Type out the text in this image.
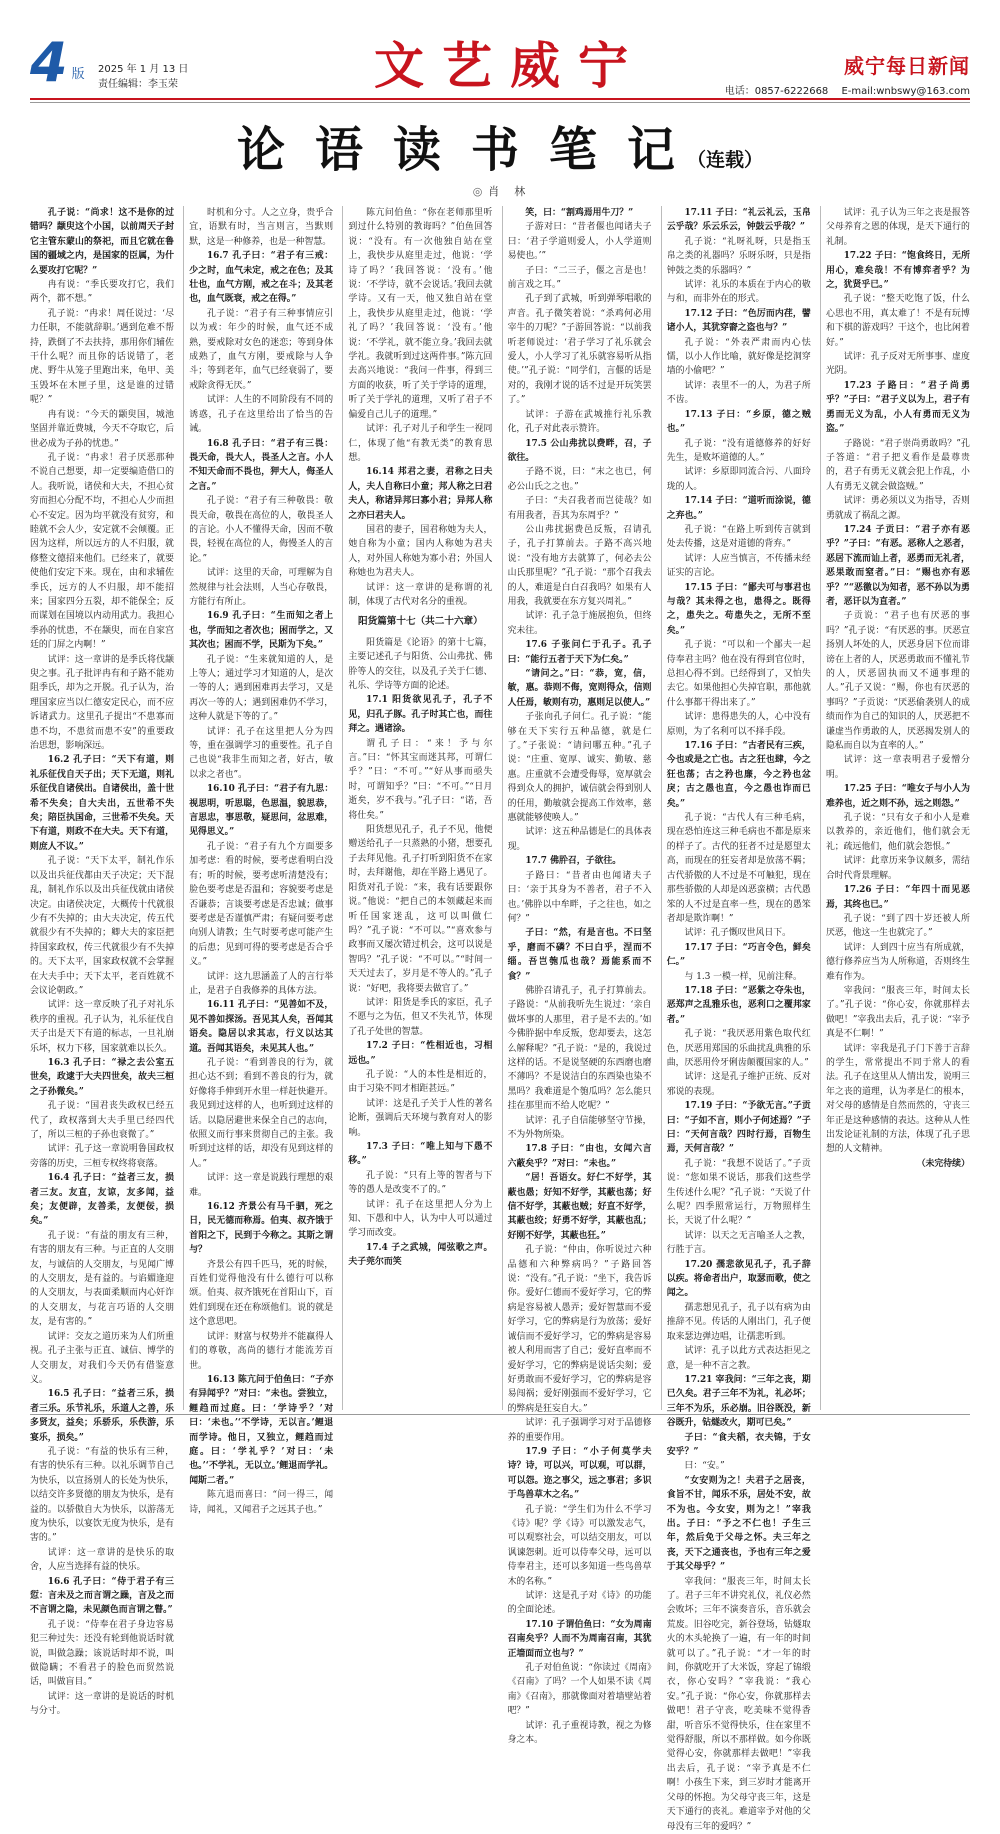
4 版 2025 年 1 月 13 日
责任编辑：李玉荣	文艺威宁	威宁每日新闻
电话：0857-6222668 E-mail:wnbswy@163.com
论语读书笔记（连载）
◎ 肖　林

孔子说：“尚求！这不是你的过错吗？颛臾这个小国，以前周天子封它主管东蒙山的祭祀，而且它就在鲁国的疆域之内，是国家的臣属，为什么要攻打它呢？”

冉有说：“季氏要攻打它，我们两个，都不想。”

孔子说：“冉求！周任说过：‘尽力任职，不能就辞职。’遇到危难不帮持，跌倒了不去扶持，那用你们辅佐干什么呢？而且你的话说错了，老虎、野牛从笼子里跑出来，龟甲、美玉毁坏在木匣子里，这是谁的过错呢？”

冉有说：“今天的颛臾国，城池坚固并靠近费城，今天不夺取它，后世必成为子孙的忧患。”

孔子说：“冉求！君子厌恶那种不说自己想要，却一定要编造借口的人。我听说，诸侯和大夫，不担心贫穷而担心分配不均，不担心人少而担心不安定。因为均平就没有贫穷，和睦就不会人少，安定就不会倾覆。正因为这样，所以远方的人不归服，就修整文德招来他们。已经来了，就要使他们安定下来。现在，由和求辅佐季氏，远方的人不归服，却不能招来；国家四分五裂，却不能保全；反而谋划在国境以内动用武力。我担心季孙的忧患，不在颛臾，而在自家宫廷的门屏之内啊！”

试评：这一章讲的是季氏将伐颛臾之事。孔子批评冉有和子路不能劝阻季氏，却为之开脱。孔子认为，治理国家应当以仁德安定民心，而不应诉诸武力。这里孔子提出“不患寡而患不均，不患贫而患不安”的重要政治思想，影响深远。

16.2 孔子曰：“天下有道，则礼乐征伐自天子出；天下无道，则礼乐征伐自诸侯出。自诸侯出，盖十世希不失矣；自大夫出，五世希不失矣；陪臣执国命，三世希不失矣。天下有道，则政不在大夫。天下有道，则庶人不议。”

孔子说：“天下太平，制礼作乐以及出兵征伐都由天子决定；天下混乱，制礼作乐以及出兵征伐就由诸侯决定。由诸侯决定，大概传十代就很少有不失掉的；由大夫决定，传五代就很少有不失掉的；卿大夫的家臣把持国家政权，传三代就很少有不失掉的。天下太平，国家政权就不会掌握在大夫手中；天下太平，老百姓就不会议论朝政。”

试评：这一章反映了孔子对礼乐秩序的重视。孔子认为，礼乐征伐自天子出是天下有道的标志，一旦礼崩乐坏，权力下移，国家就难以长久。

16.3 孔子曰：“禄之去公室五世矣，政逮于大夫四世矣，故夫三桓之子孙微矣。”

孔子说：“国君丧失政权已经五代了，政权落到大夫手里已经四代了，所以三桓的子孙也衰微了。”

试评：孔子这一章说明鲁国政权旁落的历史，三桓专权终将衰落。

16.4 孔子曰：“益者三友，损者三友。友直，友谅，友多闻，益矣；友便辟，友善柔，友便佞，损矣。”

孔子说：“有益的朋友有三种，有害的朋友有三种。与正直的人交朋友，与诚信的人交朋友，与见闻广博的人交朋友，是有益的。与谄媚逢迎的人交朋友，与表面柔顺而内心奸诈的人交朋友，与花言巧语的人交朋友，是有害的。”

试评：交友之道历来为人们所重视。孔子主张与正直、诚信、博学的人交朋友，对我们今天仍有借鉴意义。

16.5 孔子曰：“益者三乐，损者三乐。乐节礼乐，乐道人之善，乐多贤友，益矣；乐骄乐，乐佚游，乐宴乐，损矣。”

孔子说：“有益的快乐有三种，有害的快乐有三种。以礼乐调节自己为快乐，以宣扬别人的长处为快乐，以结交许多贤德的朋友为快乐，是有益的。以骄傲自大为快乐，以游荡无度为快乐，以宴饮无度为快乐，是有害的。”

试评：这一章讲的是快乐的取舍，人应当选择有益的快乐。

16.6 孔子曰：“侍于君子有三愆：言未及之而言谓之躁，言及之而不言谓之隐，未见颜色而言谓之瞽。”

孔子说：“侍奉在君子身边容易犯三种过失：还没有轮到他说话时就说，叫做急躁；该说话时却不说，叫做隐瞒；不看君子的脸色而贸然说话，叫做盲目。”

试评：这一章讲的是说话的时机与分寸。

时机和分寸。人之立身，贵乎合宜，语默有时，当言则言，当默则默，这是一种修养，也是一种智慧。

16.7 孔子曰：“君子有三戒：少之时，血气未定，戒之在色；及其壮也，血气方刚，戒之在斗；及其老也，血气既衰，戒之在得。”

孔子说：“君子有三种事情应引以为戒：年少的时候，血气还不成熟，要戒除对女色的迷恋；等到身体成熟了，血气方刚，要戒除与人争斗；等到老年，血气已经衰弱了，要戒除贪得无厌。”

试评：人生的不同阶段有不同的诱惑，孔子在这里给出了恰当的告诫。

16.8 孔子曰：“君子有三畏：畏天命，畏大人，畏圣人之言。小人不知天命而不畏也，狎大人，侮圣人之言。”

孔子说：“君子有三种敬畏：敬畏天命，敬畏在高位的人，敬畏圣人的言论。小人不懂得天命，因而不敬畏，轻视在高位的人，侮慢圣人的言论。”

试评：这里的天命，可理解为自然规律与社会法则，人当心存敬畏，方能行有所止。

16.9 孔子曰：“生而知之者上也，学而知之者次也；困而学之，又其次也；困而不学，民斯为下矣。”

孔子说：“生来就知道的人，是上等人；通过学习才知道的人，是次一等的人；遇到困难再去学习，又是再次一等的人；遇到困难仍不学习，这种人就是下等的了。”

试评：孔子在这里把人分为四等，重在强调学习的重要性。孔子自己也说“我非生而知之者，好古，敏以求之者也”。

16.10 孔子曰：“君子有九思：视思明，听思聪，色思温，貌思恭，言思忠，事思敬，疑思问，忿思难，见得思义。”

孔子说：“君子有九个方面要多加考虑：看的时候，要考虑看明白没有；听的时候，要考虑听清楚没有；脸色要考虑是否温和；容貌要考虑是否谦恭；言谈要考虑是否忠诚；做事要考虑是否谨慎严肃；有疑问要考虑向别人请教；生气时要考虑可能产生的后患；见到可得的要考虑是否合乎义。”

试评：这九思涵盖了人的言行举止，是君子自我修养的具体方法。

16.11 孔子曰：“见善如不及，见不善如探汤。吾见其人矣，吾闻其语矣。隐居以求其志，行义以达其道。吾闻其语矣，未见其人也。”

孔子说：“看到善良的行为，就担心达不到；看到不善良的行为，就好像将手伸到开水里一样赶快避开。我见到过这样的人，也听到过这样的话。以隐居避世来保全自己的志向，依照义而行事来贯彻自己的主张。我听到过这样的话，却没有见到这样的人。”

试评：这一章是说践行理想的艰难。

16.12 齐景公有马千驷，死之日，民无德而称焉。伯夷、叔齐饿于首阳之下，民到于今称之。其斯之谓与？

齐景公有四千匹马，死的时候，百姓们觉得他没有什么德行可以称颂。伯夷、叔齐饿死在首阳山下，百姓们到现在还在称颂他们。说的就是这个意思吧。

试评：财富与权势并不能赢得人们的尊敬，高尚的德行才能流芳百世。

16.13 陈亢问于伯鱼曰：“子亦有异闻乎？”对曰：“未也。尝独立，鲤趋而过庭。曰：‘学诗乎？’对曰：‘未也。’‘不学诗，无以言。’鲤退而学诗。他日，又独立，鲤趋而过庭。曰：‘学礼乎？’对曰：‘未也。’‘不学礼，无以立。’鲤退而学礼。闻斯二者。”

陈亢退而喜曰：“问一得三，闻诗，闻礼，又闻君子之远其子也。”

陈亢问伯鱼：“你在老师那里听到过什么特别的教诲吗？”伯鱼回答说：“没有。有一次他独自站在堂上，我快步从庭里走过，他说：‘学诗了吗？’我回答说：‘没有。’他说：‘不学诗，就不会说话。’我回去就学诗。又有一天，他又独自站在堂上，我快步从庭里走过，他说：‘学礼了吗？’我回答说：‘没有。’他说：‘不学礼，就不能立身。’我回去就学礼。我就听到过这两件事。”陈亢回去高兴地说：“我问一件事，得到三方面的收获，听了关于学诗的道理，听了关于学礼的道理，又听了君子不偏爱自己儿子的道理。”

试评：孔子对儿子和学生一视同仁，体现了他“有教无类”的教育思想。

16.14 邦君之妻，君称之曰夫人，夫人自称曰小童；邦人称之曰君夫人，称诸异邦曰寡小君；异邦人称之亦曰君夫人。

国君的妻子，国君称她为夫人，她自称为小童；国内人称她为君夫人，对外国人称她为寡小君；外国人称她也为君夫人。

试评：这一章讲的是称谓的礼制，体现了古代对名分的重视。

阳货篇第十七（共二十六章）

阳货篇是《论语》的第十七篇，主要记述孔子与阳货、公山弗扰、佛肸等人的交往，以及孔子关于仁德、礼乐、学诗等方面的论述。

17.1 阳货欲见孔子，孔子不见，归孔子豚。孔子时其亡也，而往拜之。遇诸涂。

谓孔子曰：“来！予与尔言。”曰：“怀其宝而迷其邦，可谓仁乎？”曰：“不可。”“好从事而亟失时，可谓知乎？”曰：“不可。”“日月逝矣，岁不我与。”孔子曰：“诺，吾将仕矣。”

阳货想见孔子，孔子不见，他便赠送给孔子一只蒸熟的小猪，想要孔子去拜见他。孔子打听到阳货不在家时，去拜谢他，却在半路上遇见了。阳货对孔子说：“来，我有话要跟你说。”他说：“把自己的本领藏起来而听任国家迷乱，这可以叫做仁吗？”孔子说：“不可以。”“喜欢参与政事而又屡次错过机会，这可以说是智吗？”孔子说：“不可以。”“时间一天天过去了，岁月是不等人的。”孔子说：“好吧，我将要去做官了。”

试评：阳货是季氏的家臣，孔子不愿与之为伍，但又不失礼节，体现了孔子处世的智慧。

17.2 子曰：“性相近也，习相远也。”

孔子说：“人的本性是相近的，由于习染不同才相距甚远。”

试评：这是孔子关于人性的著名论断，强调后天环境与教育对人的影响。

17.3 子曰：“唯上知与下愚不移。”

孔子说：“只有上等的智者与下等的愚人是改变不了的。”

试评：孔子在这里把人分为上知、下愚和中人，认为中人可以通过学习而改变。

17.4 子之武城，闻弦歌之声。夫子莞尔而笑

笑，曰：“割鸡焉用牛刀？”

子游对曰：“昔者偃也闻诸夫子曰：‘君子学道则爱人，小人学道则易使也。’”

子曰：“二三子，偃之言是也！前言戏之耳。”

孔子到了武城，听到弹琴唱歌的声音。孔子微笑着说：“杀鸡何必用宰牛的刀呢？”子游回答说：“以前我听老师说过：‘君子学习了礼乐就会爱人，小人学习了礼乐就容易听从指使。’”孔子说：“同学们，言偃的话是对的，我刚才说的话不过是开玩笑罢了。”

试评：子游在武城推行礼乐教化，孔子对此表示赞许。

17.5 公山弗扰以费畔，召，子欲往。

子路不说，曰：“末之也已，何必公山氏之之也。”

子曰：“夫召我者而岂徒哉？如有用我者，吾其为东周乎？”

公山弗扰据费邑反叛，召请孔子，孔子打算前去。子路不高兴地说：“没有地方去就算了，何必去公山氏那里呢？”孔子说：“那个召我去的人，难道是白白召我吗？如果有人用我，我就要在东方复兴周礼。”

试评：孔子急于施展抱负，但终究未往。

17.6 子张问仁于孔子。孔子曰：“能行五者于天下为仁矣。”

“请问之。”曰：“恭，宽，信，敏，惠。恭则不侮，宽则得众，信则人任焉，敏则有功，惠则足以使人。”

子张向孔子问仁。孔子说：“能够在天下实行五种品德，就是仁了。”子张说：“请问哪五种。”孔子说：“庄重、宽厚、诚实、勤敏、慈惠。庄重就不会遭受侮辱，宽厚就会得到众人的拥护，诚信就会得到别人的任用，勤敏就会提高工作效率，慈惠就能够使唤人。”

试评：这五种品德是仁的具体表现。

17.7 佛肸召，子欲往。

子路曰：“昔者由也闻诸夫子曰：‘亲于其身为不善者，君子不入也。’佛肸以中牟畔，子之往也，如之何？”

子曰：“然，有是言也。不曰坚乎，磨而不磷？不曰白乎，涅而不缁。吾岂匏瓜也哉？焉能系而不食？”

佛肸召请孔子，孔子打算前去。子路说：“从前我听先生说过：‘亲自做坏事的人那里，君子是不去的。’如今佛肸据中牟反叛，您却要去，这怎么解释呢？”孔子说：“是的，我说过这样的话。不是说坚硬的东西磨也磨不薄吗？不是说洁白的东西染也染不黑吗？我难道是个匏瓜吗？怎么能只挂在那里而不给人吃呢？”

试评：孔子自信能够坚守节操，不为外物所染。

17.8 子曰：“由也，女闻六言六蔽矣乎？”对曰：“未也。”

“居！吾语女。好仁不好学，其蔽也愚；好知不好学，其蔽也荡；好信不好学，其蔽也贼；好直不好学，其蔽也绞；好勇不好学，其蔽也乱；好刚不好学，其蔽也狂。”

孔子说：“仲由，你听说过六种品德和六种弊病吗？”子路回答说：“没有。”孔子说：“坐下，我告诉你。爱好仁德而不爱好学习，它的弊病是容易被人愚弄；爱好智慧而不爱好学习，它的弊病是行为放荡；爱好诚信而不爱好学习，它的弊病是容易被人利用而害了自己；爱好直率而不爱好学习，它的弊病是说话尖刻；爱好勇敢而不爱好学习，它的弊病是容易闯祸；爱好刚强而不爱好学习，它的弊病是狂妄自大。”

试评：孔子强调学习对于品德修养的重要作用。

17.9 子曰：“小子何莫学夫诗？诗，可以兴，可以观，可以群，可以怨。迩之事父，远之事君；多识于鸟兽草木之名。”

孔子说：“学生们为什么不学习《诗》呢？学《诗》可以激发志气，可以观察社会，可以结交朋友，可以讽谏怨刺。近可以侍奉父母，远可以侍奉君主，还可以多知道一些鸟兽草木的名称。”

试评：这是孔子对《诗》的功能的全面论述。

17.10 子谓伯鱼曰：“女为周南召南矣乎？人而不为周南召南，其犹正墙面而立也与？”

孔子对伯鱼说：“你读过《周南》《召南》了吗？一个人如果不读《周南》《召南》，那就像面对着墙壁站着吧？”

试评：孔子重视诗教，视之为修身之本。

17.11 子曰：“礼云礼云，玉帛云乎哉？乐云乐云，钟鼓云乎哉？”

孔子说：“礼呀礼呀，只是指玉帛之类的礼器吗？乐呀乐呀，只是指钟鼓之类的乐器吗？”

试评：礼乐的本质在于内心的敬与和，而非外在的形式。

17.12 子曰：“色厉而内荏，譬诸小人，其犹穿窬之盗也与？”

孔子说：“外表严肃而内心怯懦，以小人作比喻，就好像是挖洞穿墙的小偷吧？”

试评：表里不一的人，为君子所不齿。

17.13 子曰：“乡原，德之贼也。”

孔子说：“没有道德修养的好好先生，是败坏道德的人。”

试评：乡原即同流合污、八面玲珑的人。

17.14 子曰：“道听而涂说，德之弃也。”

孔子说：“在路上听到传言就到处去传播，这是对道德的背弃。”

试评：人应当慎言，不传播未经证实的言论。

17.15 子曰：“鄙夫可与事君也与哉？其未得之也，患得之。既得之，患失之。苟患失之，无所不至矣。”

孔子说：“可以和一个鄙夫一起侍奉君主吗？他在没有得到官位时，总担心得不到。已经得到了，又怕失去它。如果他担心失掉官职，那他就什么事都干得出来了。”

试评：患得患失的人，心中没有原则，为了名利可以不择手段。

17.16 子曰：“古者民有三疾，今也或是之亡也。古之狂也肆，今之狂也荡；古之矜也廉，今之矜也忿戾；古之愚也直，今之愚也诈而已矣。”

孔子说：“古代人有三种毛病，现在恐怕连这三种毛病也不都是原来的样子了。古代的狂者不过是愿望太高，而现在的狂妄者却是放荡不羁；古代骄傲的人不过是不可触犯，现在那些骄傲的人却是凶恶蛮横；古代愚笨的人不过是直率一些，现在的愚笨者却是欺诈啊！”

试评：孔子慨叹世风日下。

17.17 子曰：“巧言令色，鲜矣仁。”

与 1.3 一模一样，见前注释。

17.18 子曰：“恶紫之夺朱也，恶郑声之乱雅乐也，恶利口之覆邦家者。”

孔子说：“我厌恶用紫色取代红色，厌恶用郑国的乐曲扰乱典雅的乐曲，厌恶用伶牙俐齿颠覆国家的人。”

试评：这是孔子维护正统、反对邪说的表现。

17.19 子曰：“予欲无言。”子贡曰：“子如不言，则小子何述焉？”子曰：“天何言哉？四时行焉，百物生焉，天何言哉？”

孔子说：“我想不说话了。”子贡说：“您如果不说话，那我们这些学生传述什么呢？”孔子说：“天说了什么呢？四季照常运行，万物照样生长，天说了什么呢？”

试评：以天之无言喻圣人之教，行胜于言。

17.20 孺悲欲见孔子，孔子辞以疾。将命者出户，取瑟而歌，使之闻之。

孺悲想见孔子，孔子以有病为由推辞不见。传话的人刚出门，孔子便取来瑟边弹边唱，让孺悲听到。

试评：孔子以此方式表达拒见之意，是一种不言之教。

17.21 宰我问：“三年之丧，期已久矣。君子三年不为礼，礼必坏；三年不为乐，乐必崩。旧谷既没，新谷既升，钻燧改火，期可已矣。”

子曰：“食夫稻，衣夫锦，于女安乎？”

曰：“安。”

“女安则为之！夫君子之居丧，食旨不甘，闻乐不乐，居处不安，故不为也。今女安，则为之！”宰我出。子曰：“予之不仁也！子生三年，然后免于父母之怀。夫三年之丧，天下之通丧也，予也有三年之爱于其父母乎？”

宰我问：“服丧三年，时间太长了。君子三年不讲究礼仪，礼仪必然会败坏；三年不演奏音乐，音乐就会荒废。旧谷吃完，新谷登场，钻燧取火的木头轮换了一遍，有一年的时间就可以了。”孔子说：“才一年的时间，你就吃开了大米饭，穿起了锦缎衣，你心安吗？”宰我说：“我心安。”孔子说：“你心安，你就那样去做吧！君子守丧，吃美味不觉得香甜，听音乐不觉得快乐，住在家里不觉得舒服，所以不那样做。如今你既觉得心安，你就那样去做吧！”宰我出去后，孔子说：“宰予真是不仁啊！小孩生下来，到三岁时才能离开父母的怀抱。为父母守丧三年，这是天下通行的丧礼。难道宰予对他的父母没有三年的爱吗？”

试评：孔子认为三年之丧是报答父母养育之恩的体现，是天下通行的礼制。

17.22 子曰：“饱食终日，无所用心，难矣哉！不有博弈者乎？为之，犹贤乎已。”

孔子说：“整天吃饱了饭，什么心思也不用，真太难了！不是有玩博和下棋的游戏吗？干这个，也比闲着好。”

试评：孔子反对无所事事、虚度光阴。

17.23 子路曰：“君子尚勇乎？”子曰：“君子义以为上，君子有勇而无义为乱，小人有勇而无义为盗。”

子路说：“君子崇尚勇敢吗？”孔子答道：“君子把义看作是最尊贵的，君子有勇无义就会犯上作乱，小人有勇无义就会做盗贼。”

试评：勇必须以义为指导，否则勇就成了祸乱之源。

17.24 子贡曰：“君子亦有恶乎？”子曰：“有恶。恶称人之恶者，恶居下流而讪上者，恶勇而无礼者，恶果敢而窒者。”曰：“赐也亦有恶乎？”“恶徼以为知者，恶不孙以为勇者，恶讦以为直者。”

子贡说：“君子也有厌恶的事吗？”孔子说：“有厌恶的事。厌恶宣扬别人坏处的人，厌恶身居下位而诽谤在上者的人，厌恶勇敢而不懂礼节的人，厌恶固执而又不通事理的人。”孔子又说：“赐，你也有厌恶的事吗？”子贡说：“厌恶偷袭别人的成绩而作为自己的知识的人，厌恶把不谦虚当作勇敢的人，厌恶揭发别人的隐私而自以为直率的人。”

试评：这一章表明君子爱憎分明。

17.25 子曰：“唯女子与小人为难养也，近之则不孙，远之则怨。”

孔子说：“只有女子和小人是难以教养的，亲近他们，他们就会无礼；疏远他们，他们就会怨恨。”

试评：此章历来争议颇多，需结合时代背景理解。

17.26 子曰：“年四十而见恶焉，其终也已。”

孔子说：“到了四十岁还被人所厌恶，他这一生也就完了。”

试评：人到四十应当有所成就，德行修养应当为人所称道，否则终生难有作为。

宰我问：“服丧三年，时间太长了。”孔子说：“你心安，你就那样去做吧！”宰我出去后，孔子说：“宰予真是不仁啊！”

试评：宰我是孔子门下善于言辞的学生，常常提出不同于常人的看法。孔子在这里从人情出发，说明三年之丧的道理，认为孝是仁的根本，对父母的感情是自然而然的，守丧三年正是这种感情的表达。这种从人性出发论证礼制的方法，体现了孔子思想的人文精神。

（未完待续）
